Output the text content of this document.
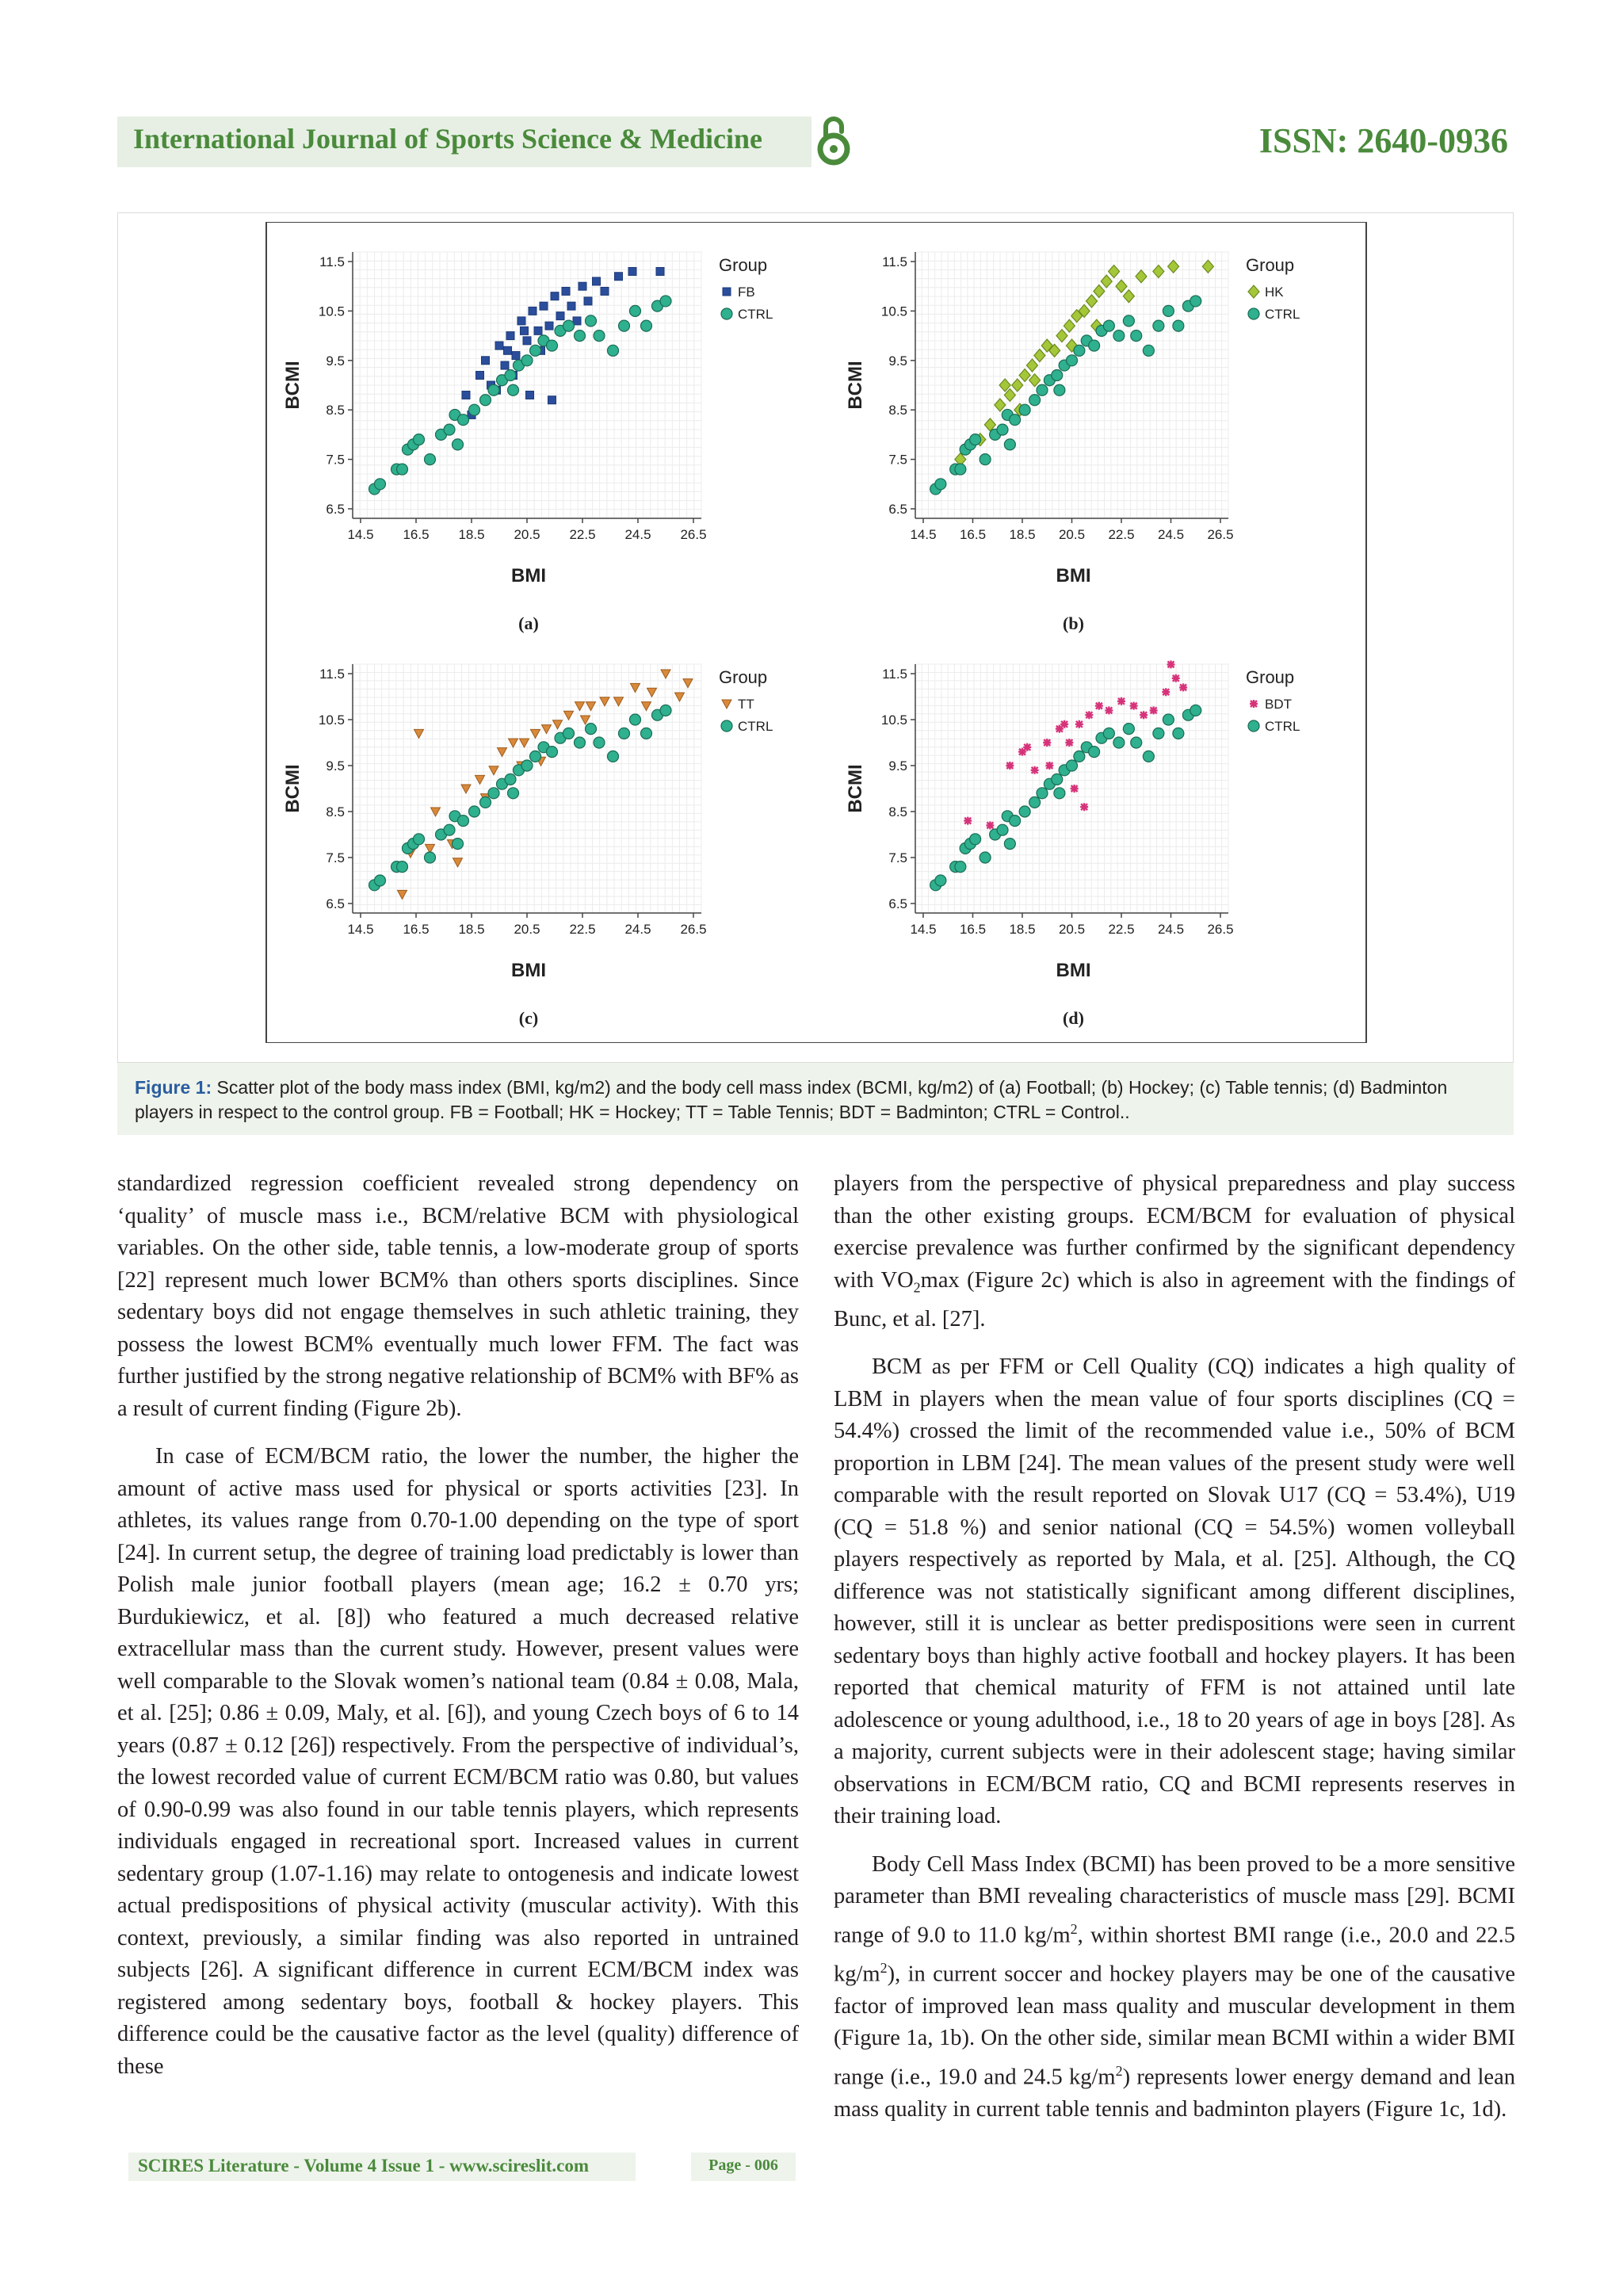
International Journal of Sports Science & Medicine	ISSN: 2640-0936
11.5
10.5
9.5
8.5
7.5
6.5
14.5 16.5 18.5 20.5 22.5 24.5 26.5
BMI
BCMI
(a)
Group
FB
CTRL
11.5
10.5
9.5
8.5
7.5
6.5
14.5 16.5 18.5 20.5 22.5 24.5 26.5
BMI
BCMI
(b)
Group
HK
CTRL
11.5
10.5
9.5
8.5
7.5
6.5
14.5 16.5 18.5 20.5 22.5 24.5 26.5
BMI
BCMI
(c)
Group
TT
CTRL
11.5
10.5
9.5
8.5
7.5
6.5
14.5 16.5 18.5 20.5 22.5 24.5 26.5
BMI
BCMI
(d)
Group
BDT
CTRL
Figure 1: Scatter plot of the body mass index (BMI, kg/m2) and the body cell mass index (BCMI, kg/m2) of (a) Football; (b) Hockey; (c) Table tennis; (d) Badminton players in respect to the control group. FB = Football; HK = Hockey; TT = Table Tennis; BDT = Badminton; CTRL = Control..

standardized regression coefficient revealed strong dependency on ‘quality’ of muscle mass i.e., BCM/relative BCM with physiological variables. On the other side, table tennis, a low-moderate group of sports [22] represent much lower BCM% than others sports disciplines. Since sedentary boys did not engage themselves in such athletic training, they possess the lowest BCM% eventually much lower FFM. The fact was further justified by the strong negative relationship of BCM% with BF% as a result of current finding (Figure 2b).

In case of ECM/BCM ratio, the lower the number, the higher the amount of active mass used for physical or sports activities [23]. In athletes, its values range from 0.70-1.00 depending on the type of sport [24]. In current setup, the degree of training load predictably is lower than Polish male junior football players (mean age; 16.2 ± 0.70 yrs; Burdukiewicz, et al. [8]) who featured a much decreased relative extracellular mass than the current study. However, present values were well comparable to the Slovak women’s national team (0.84 ± 0.08, Mala, et al. [25]; 0.86 ± 0.09, Maly, et al. [6]), and young Czech boys of 6 to 14 years (0.87 ± 0.12 [26]) respectively. From the perspective of individual’s, the lowest recorded value of current ECM/BCM ratio was 0.80, but values of 0.90-0.99 was also found in our table tennis players, which represents individuals engaged in recreational sport. Increased values in current sedentary group (1.07-1.16) may relate to ontogenesis and indicate lowest actual predispositions of physical activity (muscular activity). With this context, previously, a similar finding was also reported in untrained subjects [26]. A significant difference in current ECM/BCM index was registered among sedentary boys, football & hockey players. This difference could be the causative factor as the level (quality) difference of these

players from the perspective of physical preparedness and play success than the other existing groups. ECM/BCM for evaluation of physical exercise prevalence was further confirmed by the significant dependency with $VO_2\max$ (Figure 2c) which is also in agreement with the findings of Bunc, et al. [27].

BCM as per FFM or Cell Quality (CQ) indicates a high quality of LBM in players when the mean value of four sports disciplines (CQ = 54.4%) crossed the limit of the recommended value i.e., 50% of BCM proportion in LBM [24]. The mean values of the present study were well comparable with the result reported on Slovak U17 (CQ = 53.4%), U19 (CQ = 51.8 %) and senior national (CQ = 54.5%) women volleyball players respectively as reported by Mala, et al. [25]. Although, the CQ difference was not statistically significant among different disciplines, however, still it is unclear as better predispositions were seen in current sedentary boys than highly active football and hockey players. It has been reported that chemical maturity of FFM is not attained until late adolescence or young adulthood, i.e., 18 to 20 years of age in boys [28]. As a majority, current subjects were in their adolescent stage; having similar observations in ECM/BCM ratio, CQ and BCMI represents reserves in their training load.

Body Cell Mass Index (BCMI) has been proved to be a more sensitive parameter than BMI revealing characteristics of muscle mass [29]. BCMI range of 9.0 to 11.0 $kg/m^2$, within shortest BMI range (i.e., 20.0 and 22.5 $kg/m^2$), in current soccer and hockey players may be one of the causative factor of improved lean mass quality and muscular development in them (Figure 1a, 1b). On the other side, similar mean BCMI within a wider BMI range (i.e., 19.0 and 24.5 $kg/m^2$) represents lower energy demand and lean mass quality in current table tennis and badminton players (Figure 1c, 1d).

SCIRES Literature - Volume 4 Issue 1 - www.scireslit.com	Page - 006
